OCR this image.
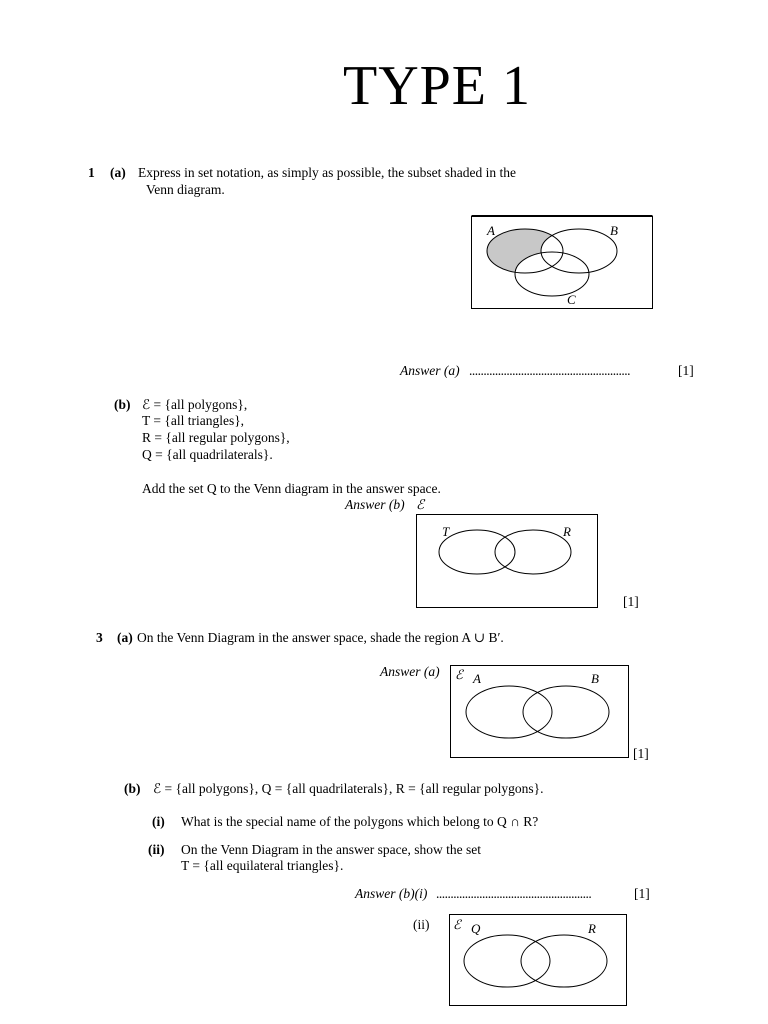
TYPE 1
1 (a) Express in set notation, as simply as possible, the subset shaded in the
Venn diagram.
A	B
C
Answer (a) ........................................................	[1]
(b) ℰ = {all polygons},
T = {all triangles},
R = {all regular polygons},
Q = {all quadrilaterals}.
Add the set Q to the Venn diagram in the answer space.
Answer (b) ℰ
T	R
[1]
3 (a) On the Venn Diagram in the answer space, shade the region A ∪ B′.
Answer (a) ℰ A	B
[1]
(b) ℰ = {all polygons}, Q = {all quadrilaterals}, R = {all regular polygons}.
(i) What is the special name of the polygons which belong to Q ∩ R?
(ii) On the Venn Diagram in the answer space, show the set
T = {all equilateral triangles}.
Answer (b)(i) ......................................................	[1]
(ii) ℰ Q	R
